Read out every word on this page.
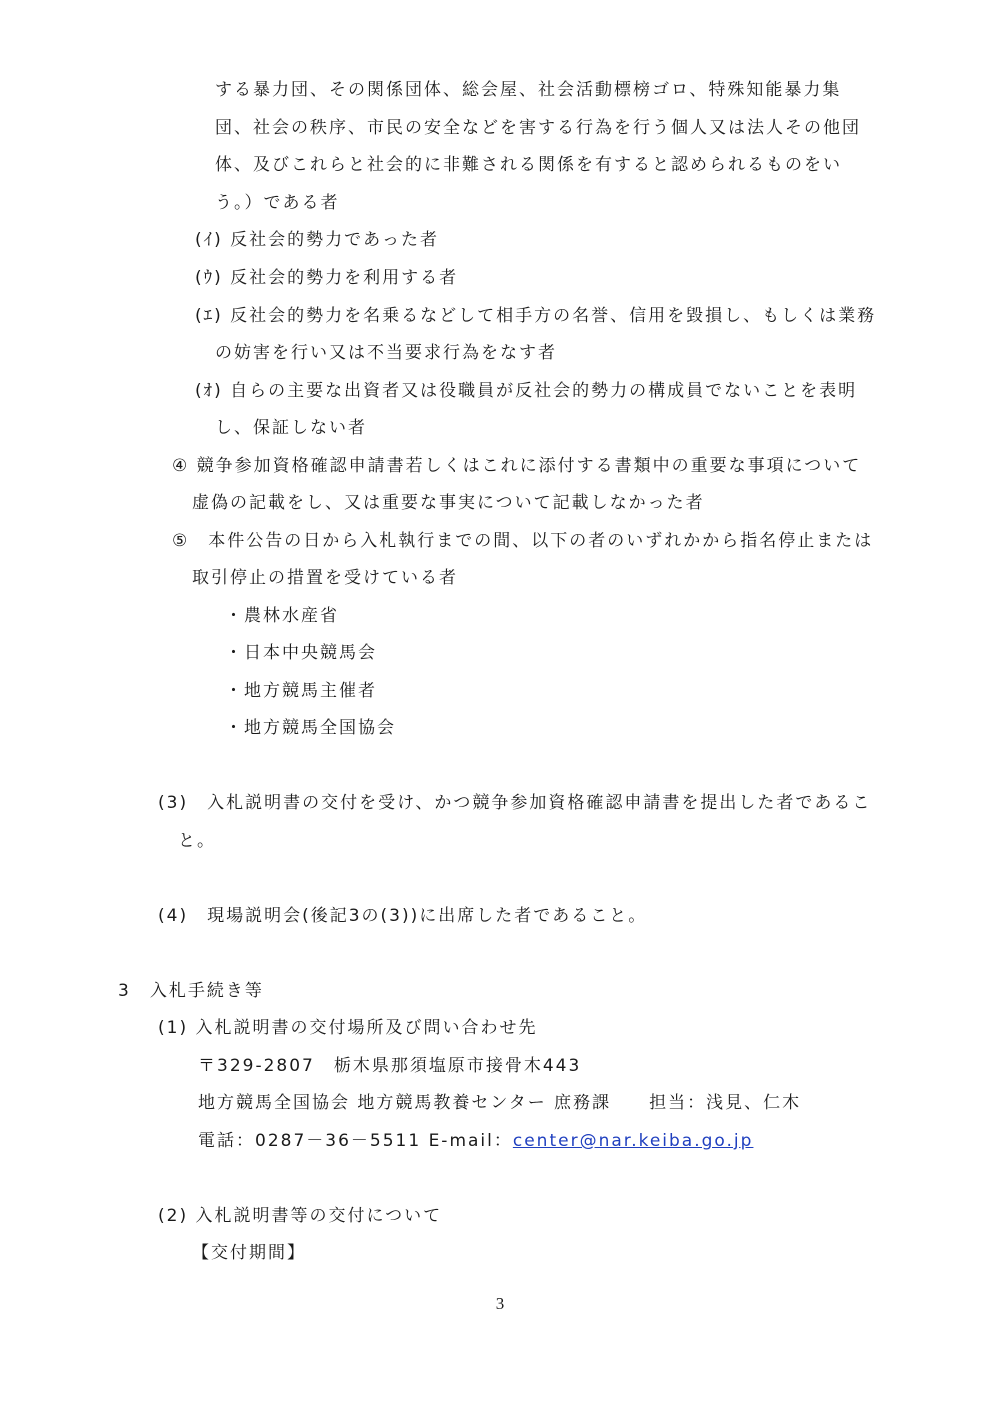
する暴力団、その関係団体、総会屋、社会活動標榜ゴロ、特殊知能暴力集
団、社会の秩序、市民の安全などを害する行為を行う個人又は法人その他団
体、及びこれらと社会的に非難される関係を有すると認められるものをい
う。）である者
(ｲ) 反社会的勢力であった者
(ｳ) 反社会的勢力を利用する者
(ｴ) 反社会的勢力を名乗るなどして相手方の名誉、信用を毀損し、もしくは業務
の妨害を行い又は不当要求行為をなす者
(ｵ) 自らの主要な出資者又は役職員が反社会的勢力の構成員でないことを表明
し、保証しない者
④ 競争参加資格確認申請書若しくはこれに添付する書類中の重要な事項について
虚偽の記載をし、又は重要な事実について記載しなかった者
⑤　本件公告の日から入札執行までの間、以下の者のいずれかから指名停止または
取引停止の措置を受けている者
・農林水産省
・日本中央競馬会
・地方競馬主催者
・地方競馬全国協会
(3)　入札説明書の交付を受け、かつ競争参加資格確認申請書を提出した者であるこ
と。
(4)　現場説明会(後記3の(3))に出席した者であること。
3　入札手続き等
(1) 入札説明書の交付場所及び問い合わせ先
〒329-2807　栃木県那須塩原市接骨木443
地方競馬全国協会 地方競馬教養センター 庶務課　　担当：浅見、仁木
電話：0287－36－5511 E-mail：center@nar.keiba.go.jp
(2) 入札説明書等の交付について
【交付期間】
3
